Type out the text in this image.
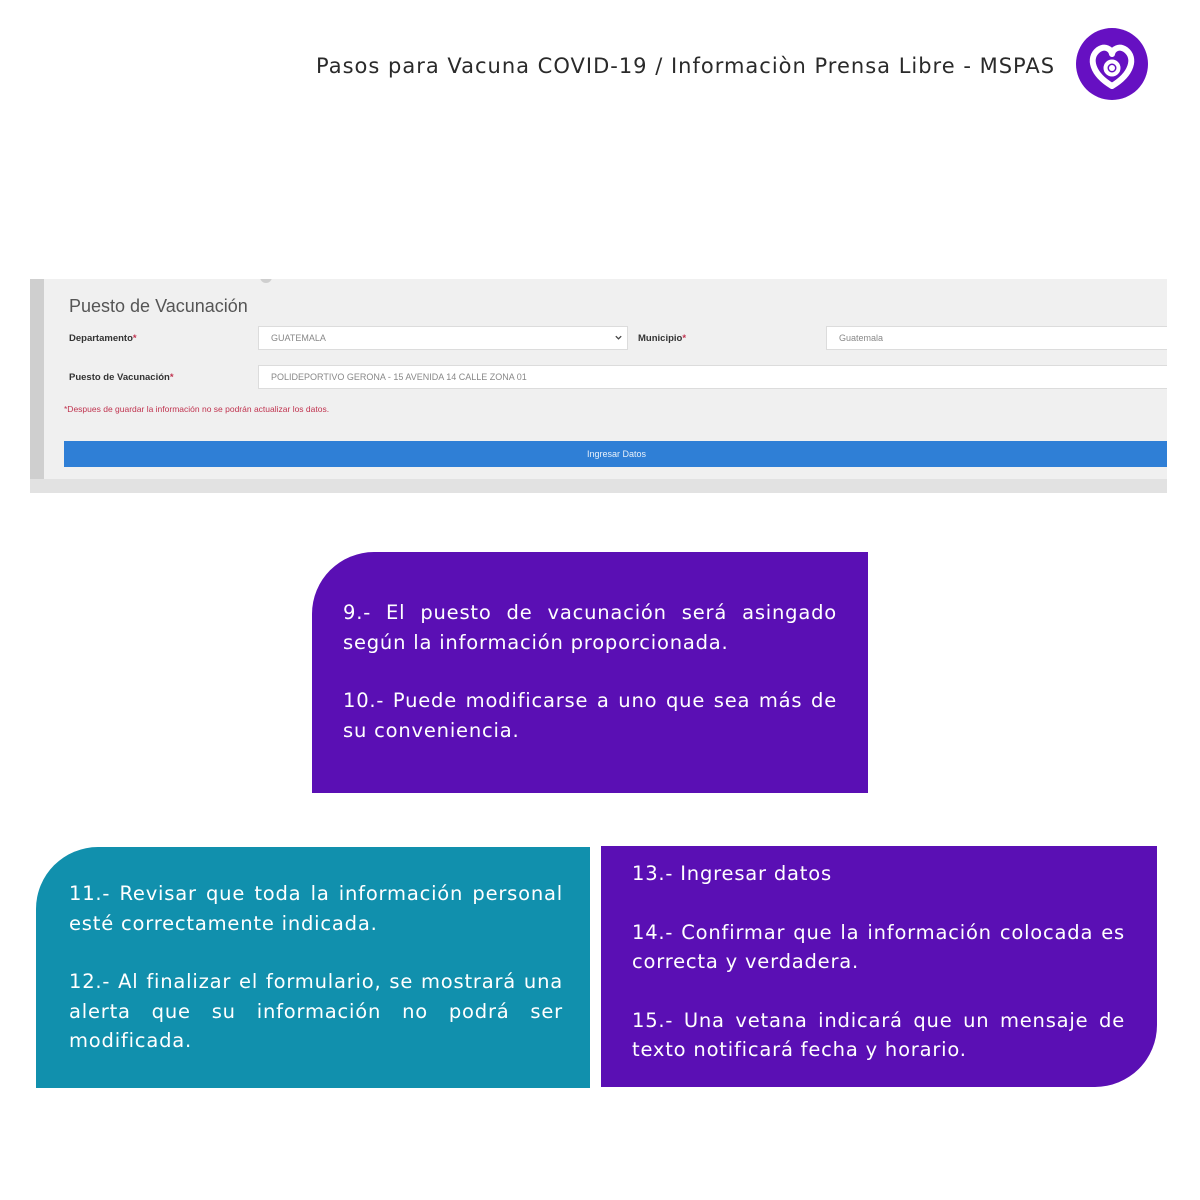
Pasos para Vacuna COVID-19 / Informaciòn Prensa Libre - MSPAS
Puesto de Vacunación
Departamento*	GUATEMALA	Municipio*	Guatemala
Puesto de Vacunación*	POLIDEPORTIVO GERONA - 15 AVENIDA 14 CALLE ZONA 01
*Despues de guardar la información no se podrán actualizar los datos.
Ingresar Datos

9.- El puesto de vacunación será asingado según la información proporcionada.

10.- Puede modificarse a uno que sea más de su conveniencia.

11.- Revisar que toda la información personal esté correctamente indicada.

12.- Al finalizar el formulario, se mostrará una alerta que su información no podrá ser modificada.

13.- Ingresar datos

14.- Confirmar que la información colocada es correcta y verdadera.

15.- Una vetana indicará que un mensaje de texto notificará fecha y horario.
